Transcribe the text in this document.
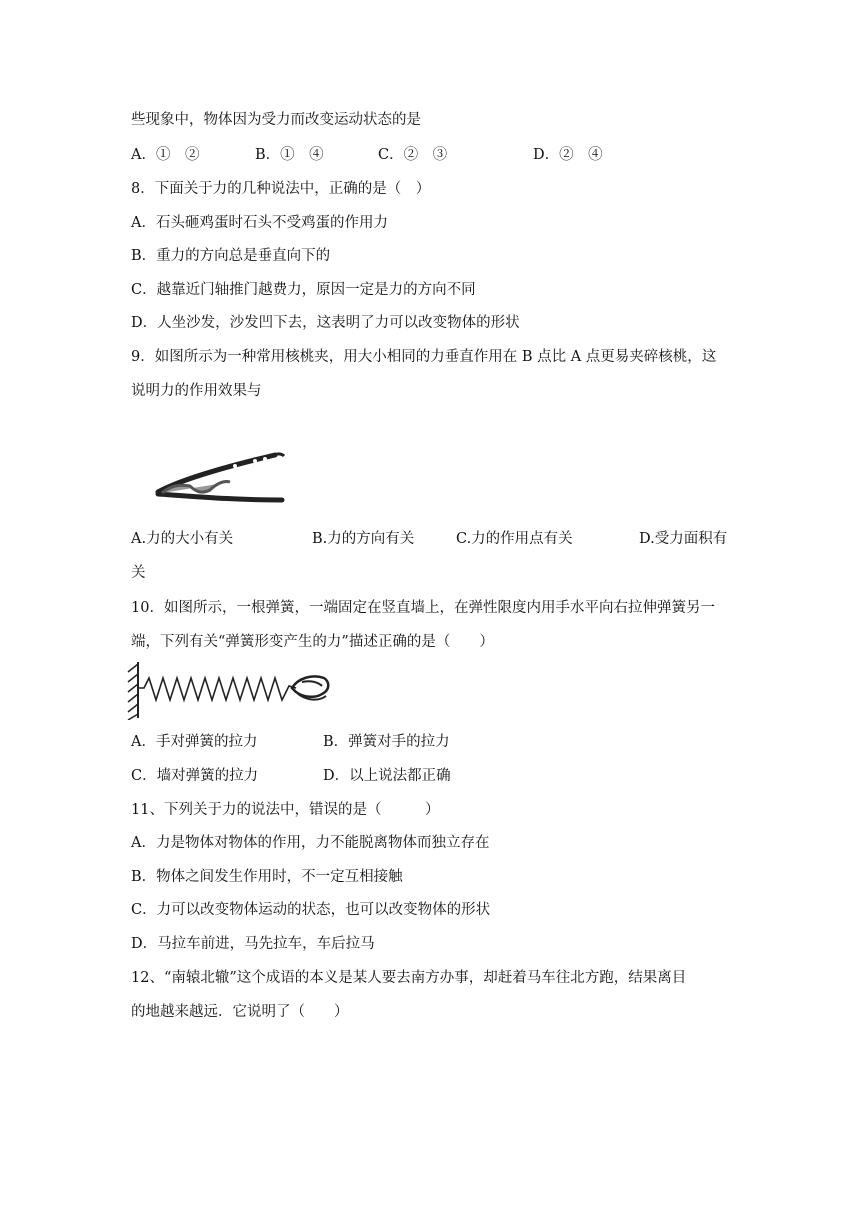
些现象中，物体因为受力而改变运动状态的是
A．①　②	B．①　④	C．②　③	D．②　④
8．下面关于力的几种说法中，正确的是（　）
A．石头砸鸡蛋时石头不受鸡蛋的作用力
B．重力的方向总是垂直向下的
C．越靠近门轴推门越费力，原因一定是力的方向不同
D．人坐沙发，沙发凹下去，这表明了力可以改变物体的形状
9．如图所示为一种常用核桃夹，用大小相同的力垂直作用在 B 点比 A 点更易夹碎核桃，这
说明力的作用效果与
A.力的大小有关	B.力的方向有关	C.力的作用点有关	D.受力面积有
关
10．如图所示，一根弹簧，一端固定在竖直墙上，在弹性限度内用手水平向右拉伸弹簧另一
端，下列有关“弹簧形变产生的力”描述正确的是（　　）
A．手对弹簧的拉力	B．弹簧对手的拉力
C．墙对弹簧的拉力	D．以上说法都正确
11、下列关于力的说法中，错误的是（　　　）
A．力是物体对物体的作用，力不能脱离物体而独立存在
B．物体之间发生作用时，不一定互相接触
C．力可以改变物体运动的状态，也可以改变物体的形状
D．马拉车前进，马先拉车，车后拉马
12、“南辕北辙”这个成语的本义是某人要去南方办事，却赶着马车往北方跑，结果离目
的地越来越远．它说明了（　　）
